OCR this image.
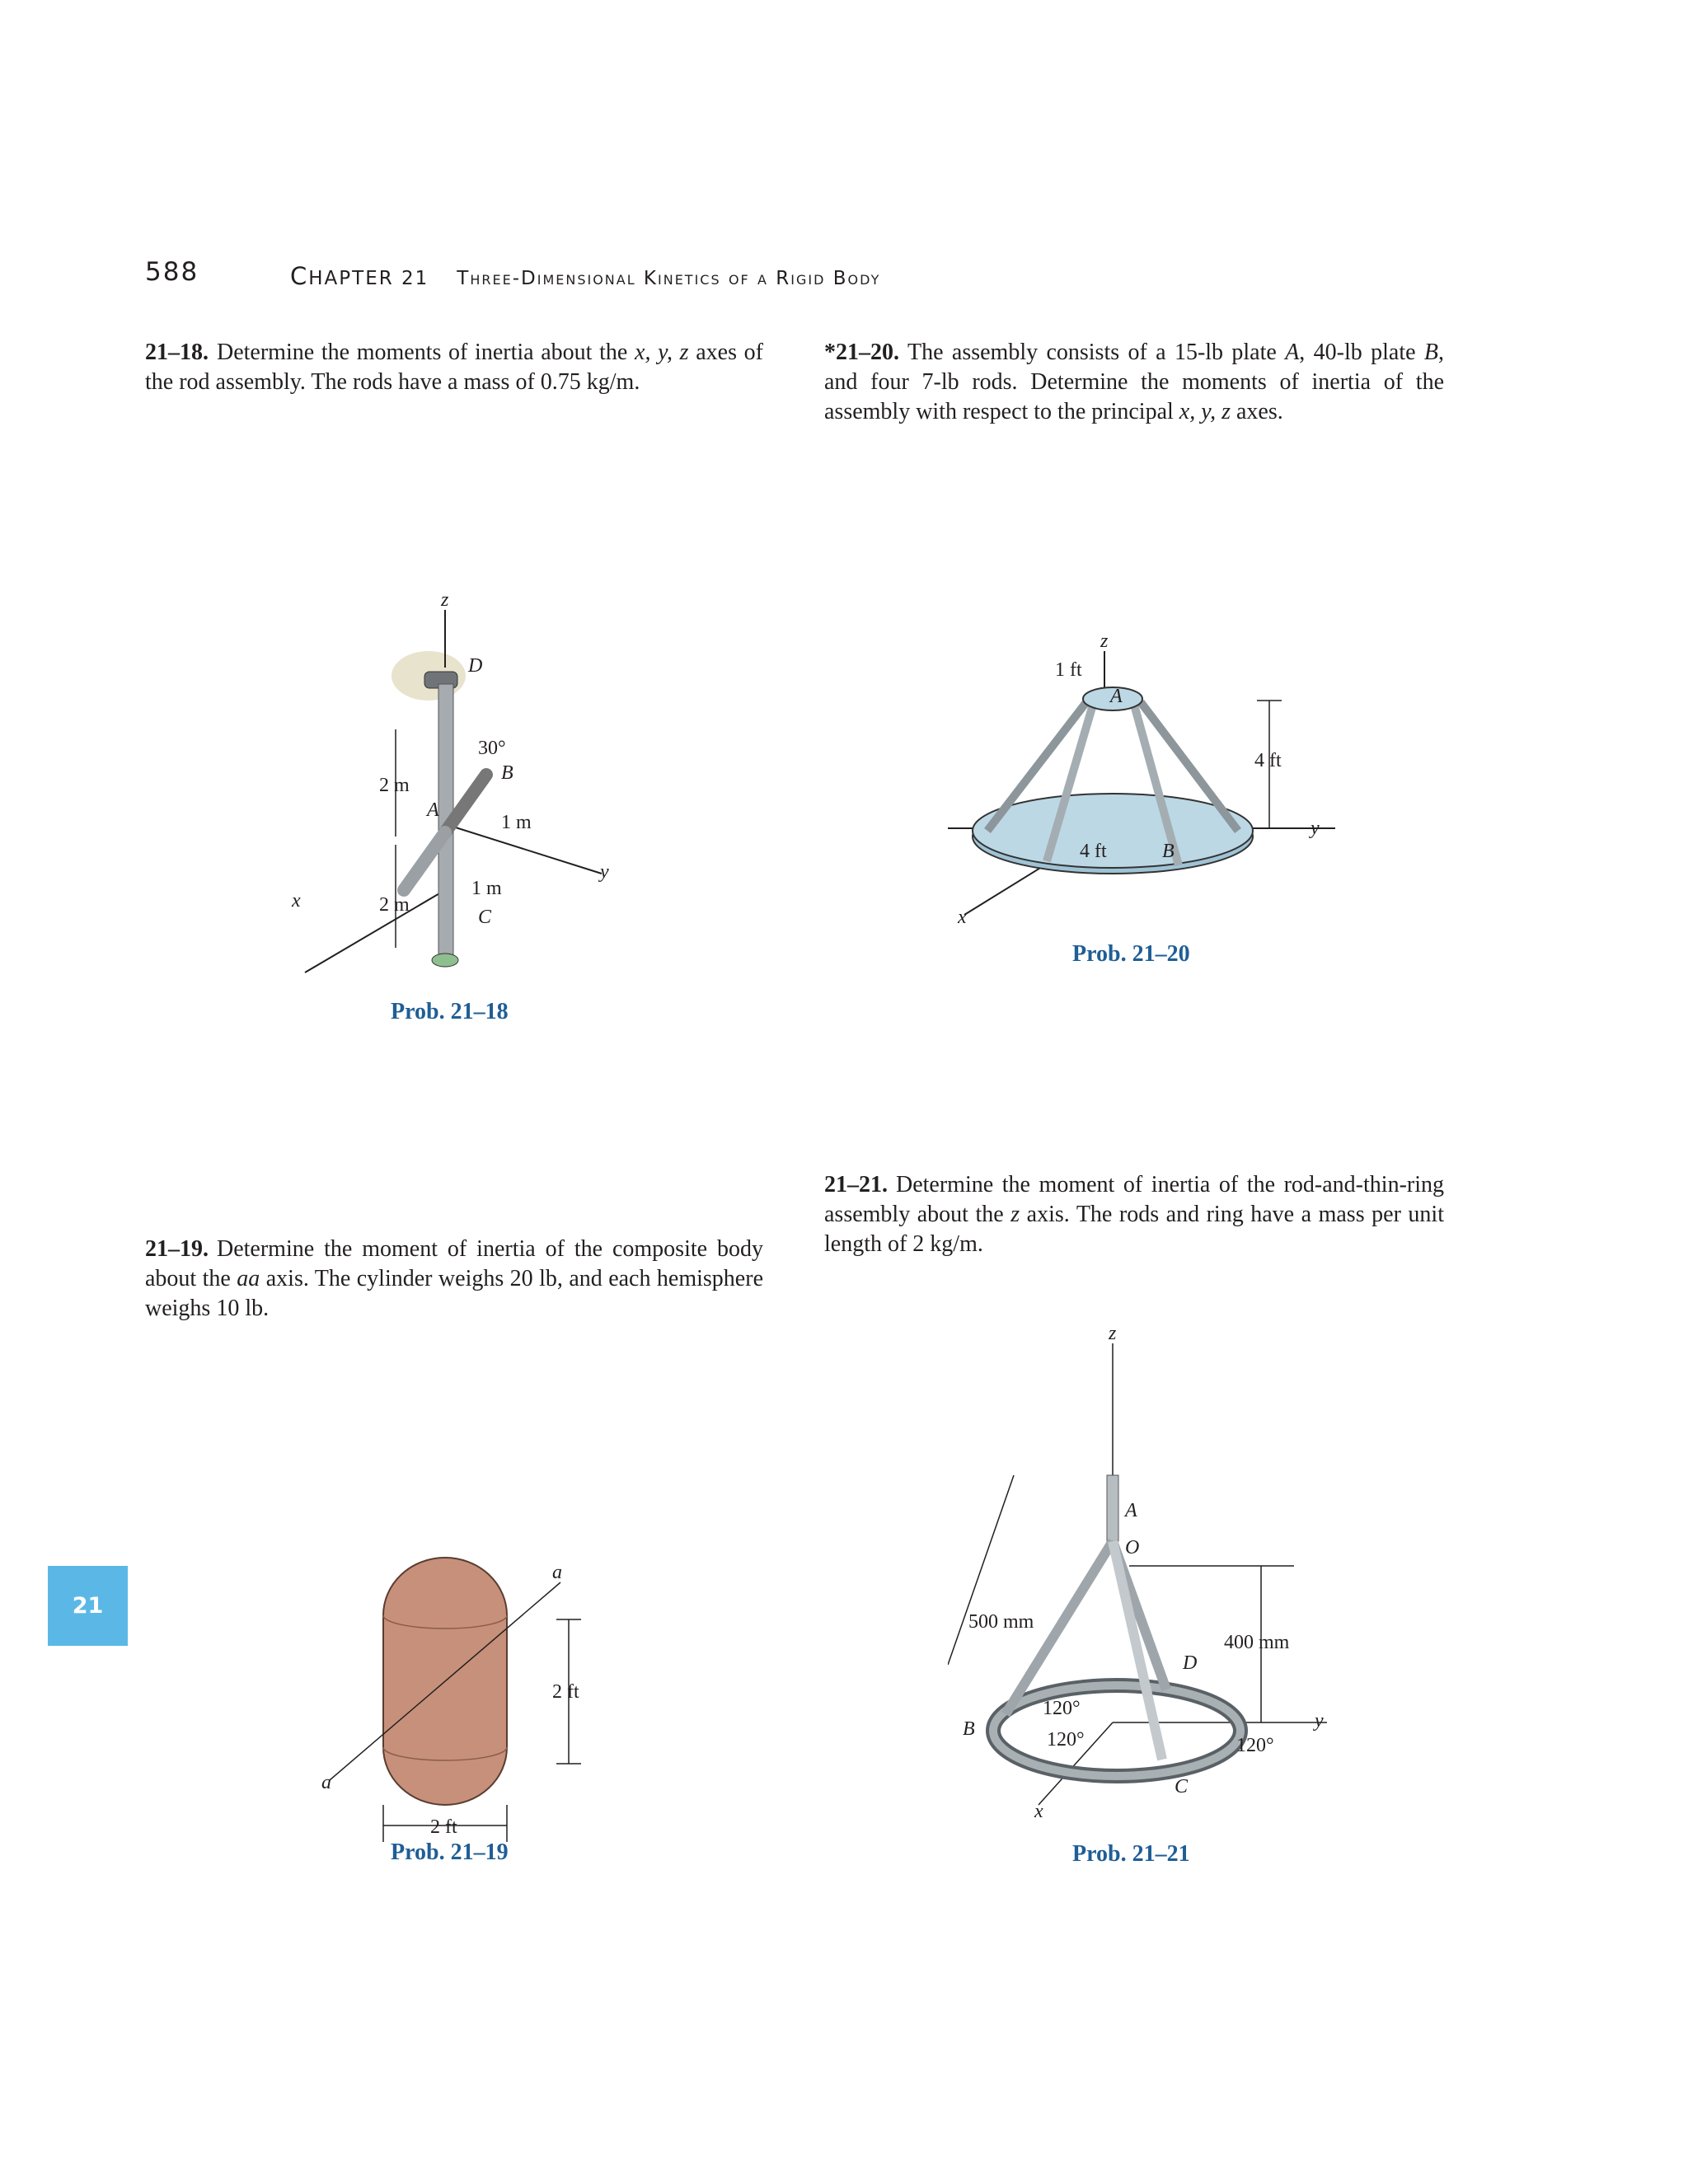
588	CHAPTER 21 Three-Dimensional Kinetics of a Rigid Body
21–18. Determine the moments of inertia about the x, y, z axes of the rod assembly. The rods have a mass of 0.75 kg/m.
*21–20. The assembly consists of a 15-lb plate A, 40-lb plate B, and four 7-lb rods. Determine the moments of inertia of the assembly with respect to the principal x, y, z axes.
21–21. Determine the moment of inertia of the rod-and-thin-ring assembly about the z axis. The rods and ring have a mass per unit length of 2 kg/m.
21–19. Determine the moment of inertia of the composite body about the aa axis. The cylinder weighs 20 lb, and each hemisphere weighs 10 lb.
z
D
30°
B
2 m
A
1 m
y
x	2 m
1 m
C
z
1 ft
A
4 ft
y
4 ft	B
x
a
2 ft
a
2 ft
z
A
O
500 mm
400 mm
D
120°
120°
B
120°
C
x
y
Prob. 21–18
Prob. 21–20
Prob. 21–19	Prob. 21–21
21
